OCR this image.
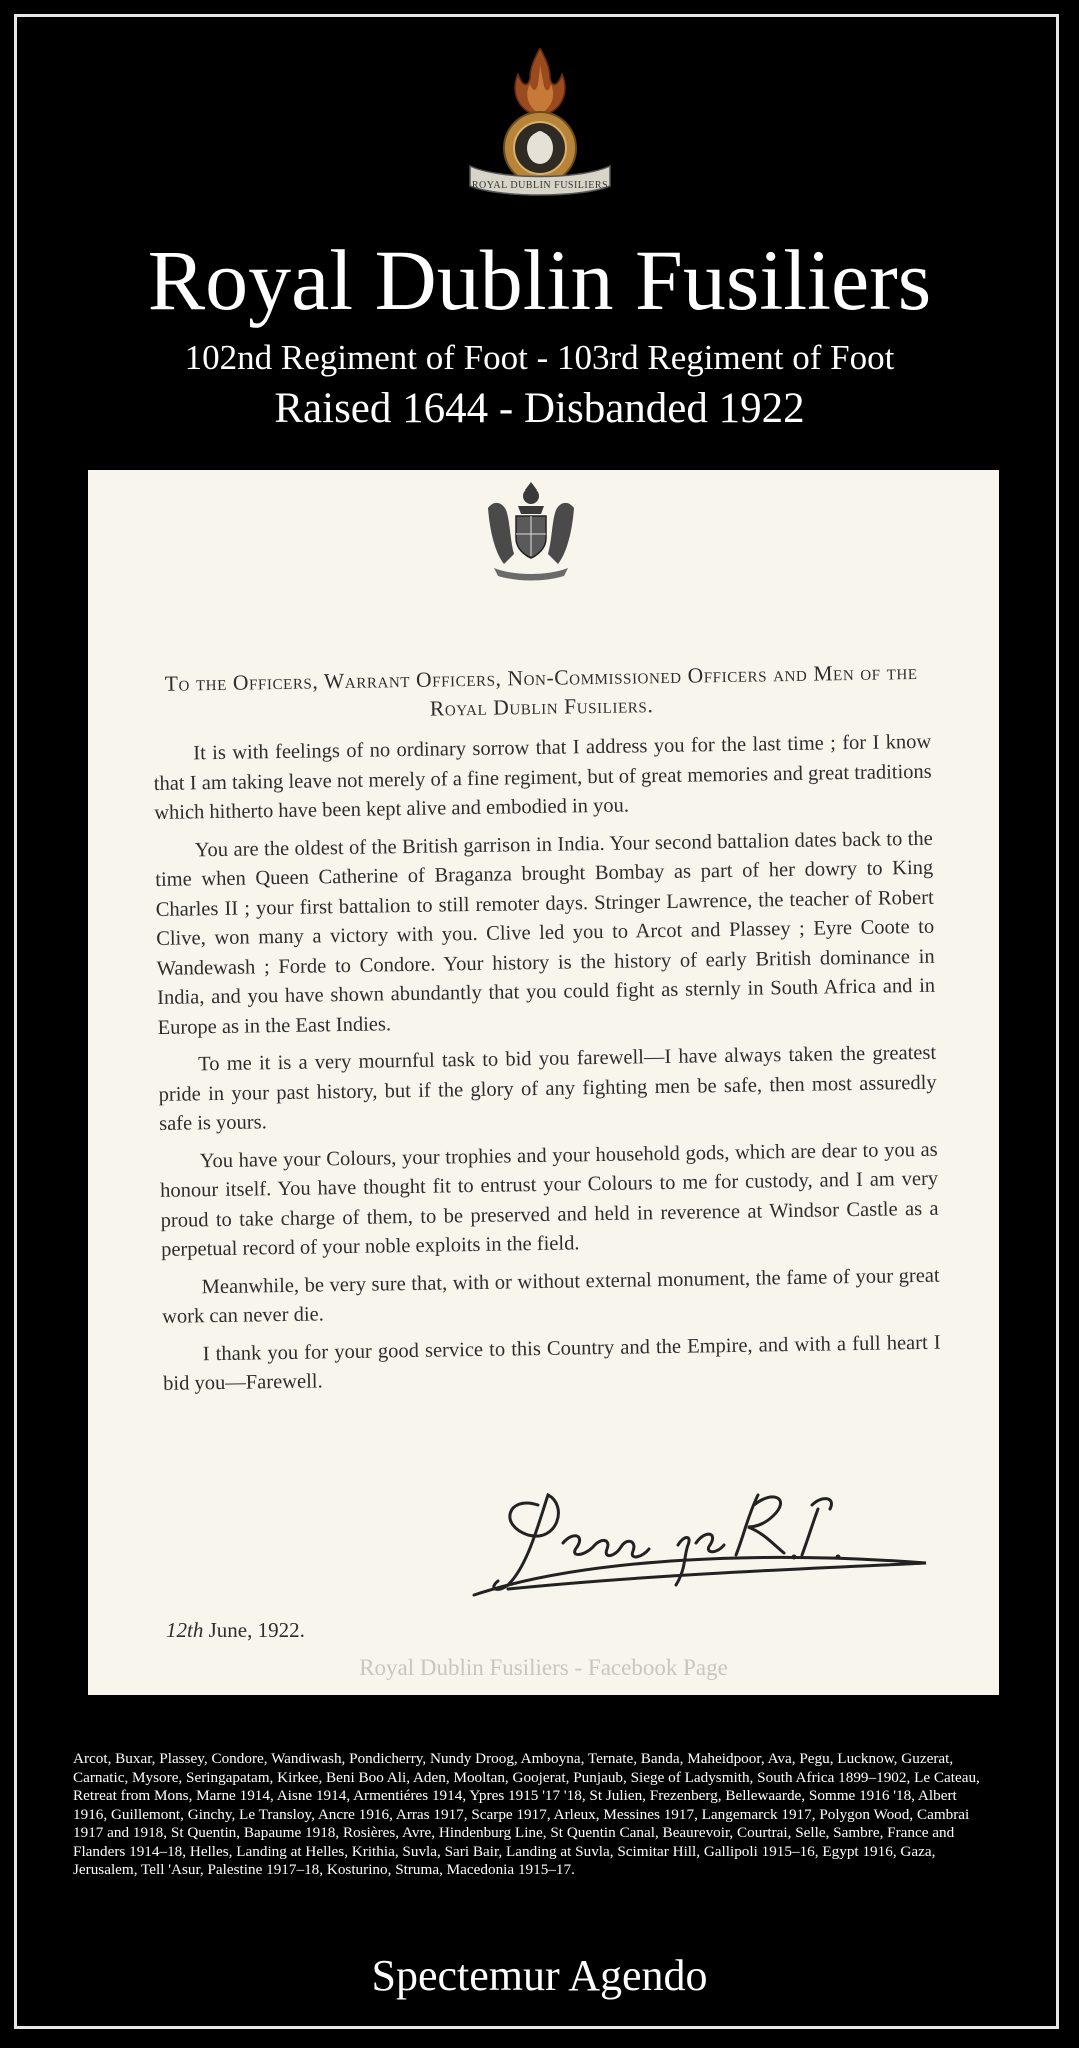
ROYAL DUBLIN FUSILIERS
Royal Dublin Fusiliers
102nd Regiment of Foot - 103rd Regiment of Foot
Raised 1644 - Disbanded 1922

To the Officers, Warrant Officers, Non-Commissioned Officers and Men of the Royal Dublin Fusiliers.

It is with feelings of no ordinary sorrow that I address you for the last time ; for I know that I am taking leave not merely of a fine regiment, but of great memories and great traditions which hitherto have been kept alive and embodied in you.

You are the oldest of the British garrison in India. Your second battalion dates back to the time when Queen Catherine of Braganza brought Bombay as part of her dowry to King Charles II ; your first battalion to still remoter days. Stringer Lawrence, the teacher of Robert Clive, won many a victory with you. Clive led you to Arcot and Plassey ; Eyre Coote to Wandewash ; Forde to Condore. Your history is the history of early British dominance in India, and you have shown abundantly that you could fight as sternly in South Africa and in Europe as in the East Indies.

To me it is a very mournful task to bid you farewell—I have always taken the greatest pride in your past history, but if the glory of any fighting men be safe, then most assuredly safe is yours.

You have your Colours, your trophies and your household gods, which are dear to you as honour itself. You have thought fit to entrust your Colours to me for custody, and I am very proud to take charge of them, to be preserved and held in reverence at Windsor Castle as a perpetual record of your noble exploits in the field.

Meanwhile, be very sure that, with or without external monument, the fame of your great work can never die.

I thank you for your good service to this Country and the Empire, and with a full heart I bid you—Farewell.

12th June, 1922.
Royal Dublin Fusiliers - Facebook Page
Arcot, Buxar, Plassey, Condore, Wandiwash, Pondicherry, Nundy Droog, Amboyna, Ternate, Banda, Maheidpoor, Ava, Pegu, Lucknow, Guzerat, Carnatic, Mysore, Seringapatam, Kirkee, Beni Boo Ali, Aden, Mooltan, Goojerat, Punjaub, Siege of Ladysmith, South Africa 1899–1902, Le Cateau, Retreat from Mons, Marne 1914, Aisne 1914, Armentiéres 1914, Ypres 1915 '17 '18, St Julien, Frezenberg, Bellewaarde, Somme 1916 '18, Albert 1916, Guillemont, Ginchy, Le Transloy, Ancre 1916, Arras 1917, Scarpe 1917, Arleux, Messines 1917, Langemarck 1917, Polygon Wood, Cambrai 1917 and 1918, St Quentin, Bapaume 1918, Rosières, Avre, Hindenburg Line, St Quentin Canal, Beaurevoir, Courtrai, Selle, Sambre, France and Flanders 1914–18, Helles, Landing at Helles, Krithia, Suvla, Sari Bair, Landing at Suvla, Scimitar Hill, Gallipoli 1915–16, Egypt 1916, Gaza, Jerusalem, Tell 'Asur, Palestine 1917–18, Kosturino, Struma, Macedonia 1915–17.
Spectemur Agendo
